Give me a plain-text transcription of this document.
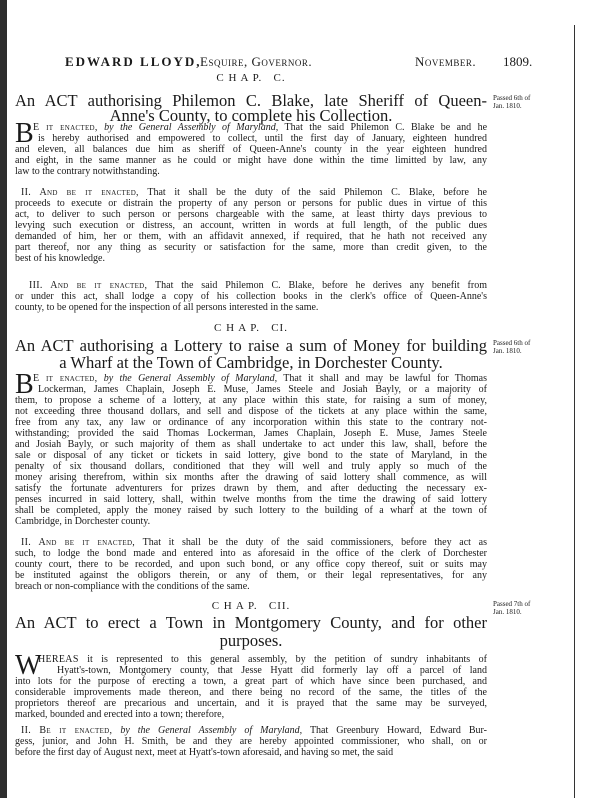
EDWARD LLOYD,
Esquire, Governor.	November. 1809.
C H A P.   C.
Passed 6th of
Jan. 1810.
An ACT authorising Philemon C. Blake, late Sheriff of Queen-
Anne's County, to complete his Collection.
B E it enacted, by the General Assembly of Maryland, That the said Philemon C. Blake be and he
is hereby authorised and empowered to collect, until the first day of January, eighteen hundred
and eleven, all balances due him as sheriff of Queen-Anne's county in the year eighteen hundred
and eight, in the same manner as he could or might have done within the time limitted by law, any
law to the contrary notwithstanding.
II. And be it enacted, That it shall be the duty of the said Philemon C. Blake, before he
proceeds to execute or distrain the property of any person or persons for public dues in virtue of this
act, to deliver to such person or persons chargeable with the same, at least thirty days previous to
levying such execution or distress, an account, written in words at full length, of the public dues
demanded of him, her or them, with an affidavit annexed, if required, that he hath not received any
part thereof, nor any thing as security or satisfaction for the same, more than credit given, to the
best of his knowledge.
III. And be it enacted, That the said Philemon C. Blake, before he derives any benefit from
or under this act, shall lodge a copy of his collection books in the clerk's office of Queen-Anne's
county, to be opened for the inspection of all persons interested in the same.
C H A P.   CI.
Passed 6th of
Jan. 1810.
An ACT authorising a Lottery to raise a sum of Money for building
a Wharf at the Town of Cambridge, in Dorchester County.
B E it enacted, by the General Assembly of Maryland, That it shall and may be lawful for Thomas
Lockerman, James Chaplain, Joseph E. Muse, James Steele and Josiah Bayly, or a majority of
them, to propose a scheme of a lottery, at any place within this state, for raising a sum of money,
not exceeding three thousand dollars, and sell and dispose of the tickets at any place within the same,
free from any tax, any law or ordinance of any incorporation within this state to the contrary not-
withstanding; provided the said Thomas Lockerman, James Chaplain, Joseph E. Muse, James Steele
and Josiah Bayly, or such majority of them as shall undertake to act under this law, shall, before the
sale or disposal of any ticket or tickets in said lottery, give bond to the state of Maryland, in the
penalty of six thousand dollars, conditioned that they will well and truly apply so much of the
money arising therefrom, within six months after the drawing of said lottery shall commence, as will
satisfy the fortunate adventurers for prizes drawn by them, and after deducting the necessary ex-
penses incurred in said lottery, shall, within twelve months from the time the drawing of said lottery
shall be completed, apply the money raised by such lottery to the building of a wharf at the town of
Cambridge, in Dorchester county.
II. And be it enacted, That it shall be the duty of the said commissioners, before they act as
such, to lodge the bond made and entered into as aforesaid in the office of the clerk of Dorchester
county court, there to be recorded, and upon such bond, or any office copy thereof, suit or suits may
be instituted against the obligors therein, or any of them, or their legal representatives, for any
breach or non-compliance with the conditions of the same.
C H A P.   CII.	Passed 7th of
Jan. 1810.
An ACT to erect a Town in Montgomery County, and for other
purposes.
W
HEREAS it is represented to this general assembly, by the petition of sundry inhabitants of
Hyatt's-town, Montgomery county, that Jesse Hyatt did formerly lay off a parcel of land
into lots for the purpose of erecting a town, a great part of which have since been purchased, and
considerable improvements made thereon, and there being no record of the same, the titles of the
proprietors thereof are precarious and uncertain, and it is prayed that the same may be surveyed,
marked, bounded and erected into a town; therefore,
II. Be it enacted, by the General Assembly of Maryland, That Greenbury Howard, Edward Bur-
gess, junior, and John H. Smith, be and they are hereby appointed commissioner, who shall, on or
before the first day of August next, meet at Hyatt's-town aforesaid, and having so met, the said
